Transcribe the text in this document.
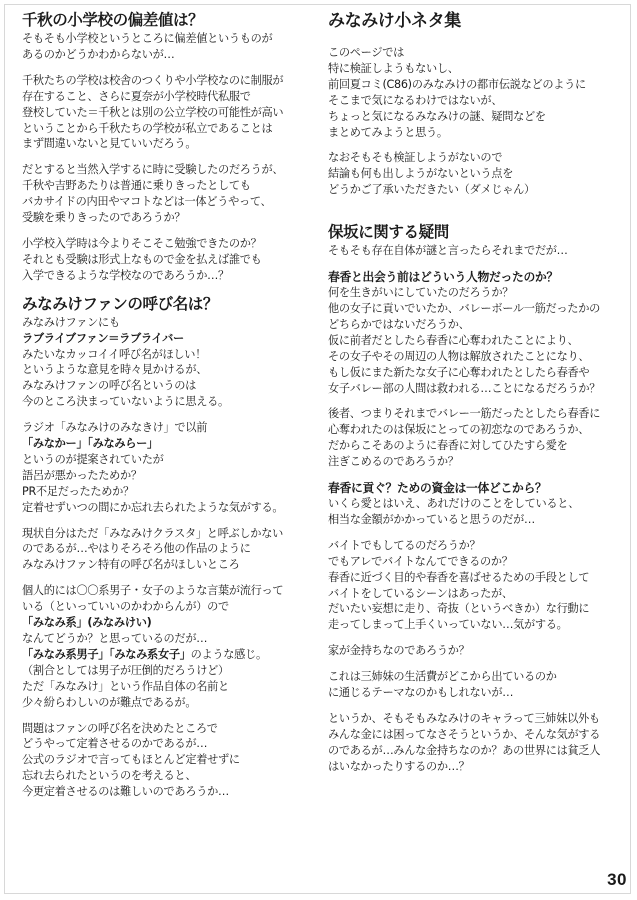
千秋の小学校の偏差値は？
そもそも小学校というところに偏差値というものが
あるのかどうかわからないが…
千秋たちの学校は校舎のつくりや小学校なのに制服が
存在すること、さらに夏奈が小学校時代私服で
登校していた＝千秋とは別の公立学校の可能性が高い
ということから千秋たちの学校が私立であることは
まず間違いないと見ていいだろう。
だとすると当然入学するに時に受験したのだろうが、
千秋や吉野あたりは普通に乗りきったとしても
バカサイドの内田やマコトなどは一体どうやって、
受験を乗りきったのであろうか？
小学校入学時は今よりそこそこ勉強できたのか？
それとも受験は形式上なもので金を払えば誰でも
入学できるような学校なのであろうか…？
みなみけファンの呼び名は？
みなみけファンにも
ラブライブファン＝ラブライバー
みたいなカッコイイ呼び名がほしい！
というような意見を時々見かけるが、
みなみけファンの呼び名というのは
今のところ決まっていないように思える。
ラジオ「みなみけのみなきけ」で以前
「みなかー」「みなみらー」
というのが提案されていたが
語呂が悪かったためか？
PR不足だったためか？
定着せずいつの間にか忘れ去られたような気がする。
現状自分はただ「みなみけクラスタ」と呼ぶしかない
のであるが…やはりそろそろ他の作品のように
みなみけファン特有の呼び名がほしいところ
個人的には〇〇系男子・女子のような言葉が流行って
いる（といっていいのかわからんが）ので
「みなみ系」(みなみけい)
なんてどうか？と思っているのだが…
「みなみ系男子」「みなみ系女子」のような感じ。
（割合としては男子が圧倒的だろうけど）
ただ「みなみけ」という作品自体の名前と
少々紛らわしいのが難点であるが。
問題はファンの呼び名を決めたところで
どうやって定着させるのかであるが…
公式のラジオで言ってもほとんど定着せずに
忘れ去られたというのを考えると、
今更定着させるのは難しいのであろうか…
みなみけ小ネタ集
このページでは
特に検証しようもないし、
前回夏コミ(C86)のみなみけの都市伝説などのように
そこまで気になるわけではないが、
ちょっと気になるみなみけの謎、疑問などを
まとめてみようと思う。
なおそもそも検証しようがないので
結論も何も出しようがないという点を
どうかご了承いただきたい（ダメじゃん）
保坂に関する疑問
そもそも存在自体が謎と言ったらそれまでだが…
春香と出会う前はどういう人物だったのか？
何を生きがいにしていたのだろうか？
他の女子に貢いでいたか、バレーボール一筋だったかの
どちらかではないだろうか、
仮に前者だとしたら春香に心奪われたことにより、
その女子やその周辺の人物は解放されたことになり、
もし仮にまた新たな女子に心奪われたとしたら春香や
女子バレー部の人間は救われる…ことになるだろうか？
後者、つまりそれまでバレー一筋だったとしたら春香に
心奪われたのは保坂にとっての初恋なのであろうか、
だからこそあのように春香に対してひたすら愛を
注ぎこめるのであろうか？
春香に貢ぐ？ための資金は一体どこから？
いくら愛とはいえ、あれだけのことをしていると、
相当な金額がかかっていると思うのだが…
バイトでもしてるのだろうか？
でもアレでバイトなんてできるのか？
春香に近づく目的や春香を喜ばせるための手段として
バイトをしているシーンはあったが、
だいたい妄想に走り、奇抜（というべきか）な行動に
走ってしまって上手くいっていない…気がする。
家が金持ちなのであろうか？
これは三姉妹の生活費がどこから出ているのか
に通じるテーマなのかもしれないが…
というか、そもそもみなみけのキャラって三姉妹以外も
みんな金には困ってなさそうというか、そんな気がする
のであるが…みんな金持ちなのか？あの世界には貧乏人
はいなかったりするのか…？
30
